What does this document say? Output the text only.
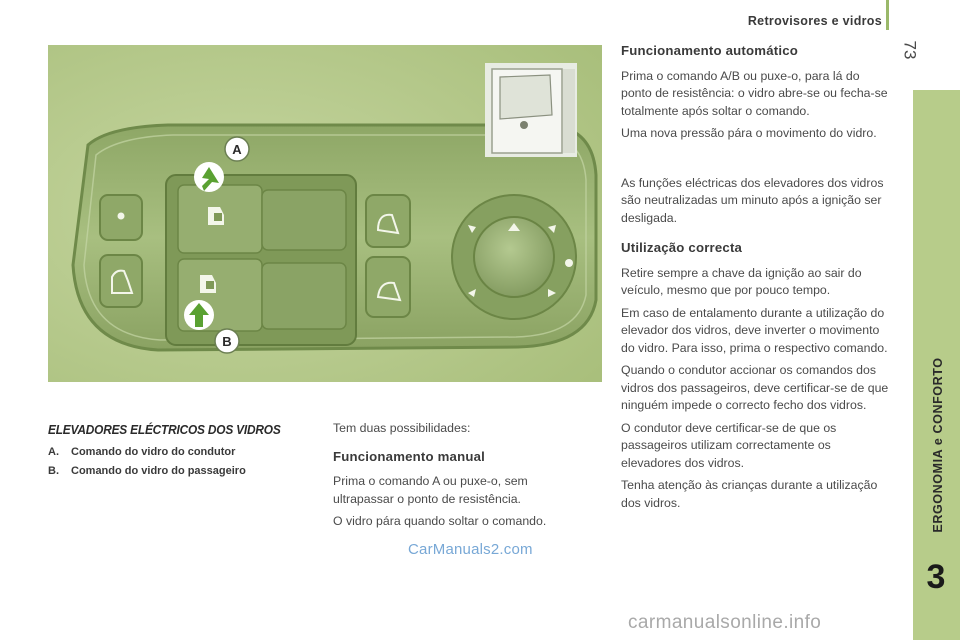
Retrovisores e vidros
73
ERGONOMIA e CONFORTO
3
A
B
ELEVADORES ELÉCTRICOS DOS VIDROS
A.	Comando do vidro do condutor
B.	Comando do vidro do passageiro

Tem duas possibilidades:

Funcionamento manual

Prima o comando A ou puxe-o, sem ultrapassar o ponto de resistência.

O vidro pára quando soltar o comando.

Funcionamento automático

Prima o comando A/B ou puxe-o, para lá do ponto de resistência: o vidro abre-se ou fecha-se totalmente após soltar o comando.

Uma nova pressão pára o movimento do vidro.

As funções eléctricas dos elevadores dos vidros são neutralizadas um minuto após a ignição ser desligada.

Utilização correcta

Retire sempre a chave da ignição ao sair do veículo, mesmo que por pouco tempo.

Em caso de entalamento durante a utilização do elevador dos vidros, deve inverter o movimento do vidro. Para isso, prima o respectivo comando.

Quando o condutor accionar os comandos dos vidros dos passageiros, deve certificar-se de que ninguém impede o correcto fecho dos vidros.

O condutor deve certificar-se de que os passageiros utilizam correctamente os elevadores dos vidros.

Tenha atenção às crianças durante a utilização dos vidros.

CarManuals2.com
carmanualsonline.info
